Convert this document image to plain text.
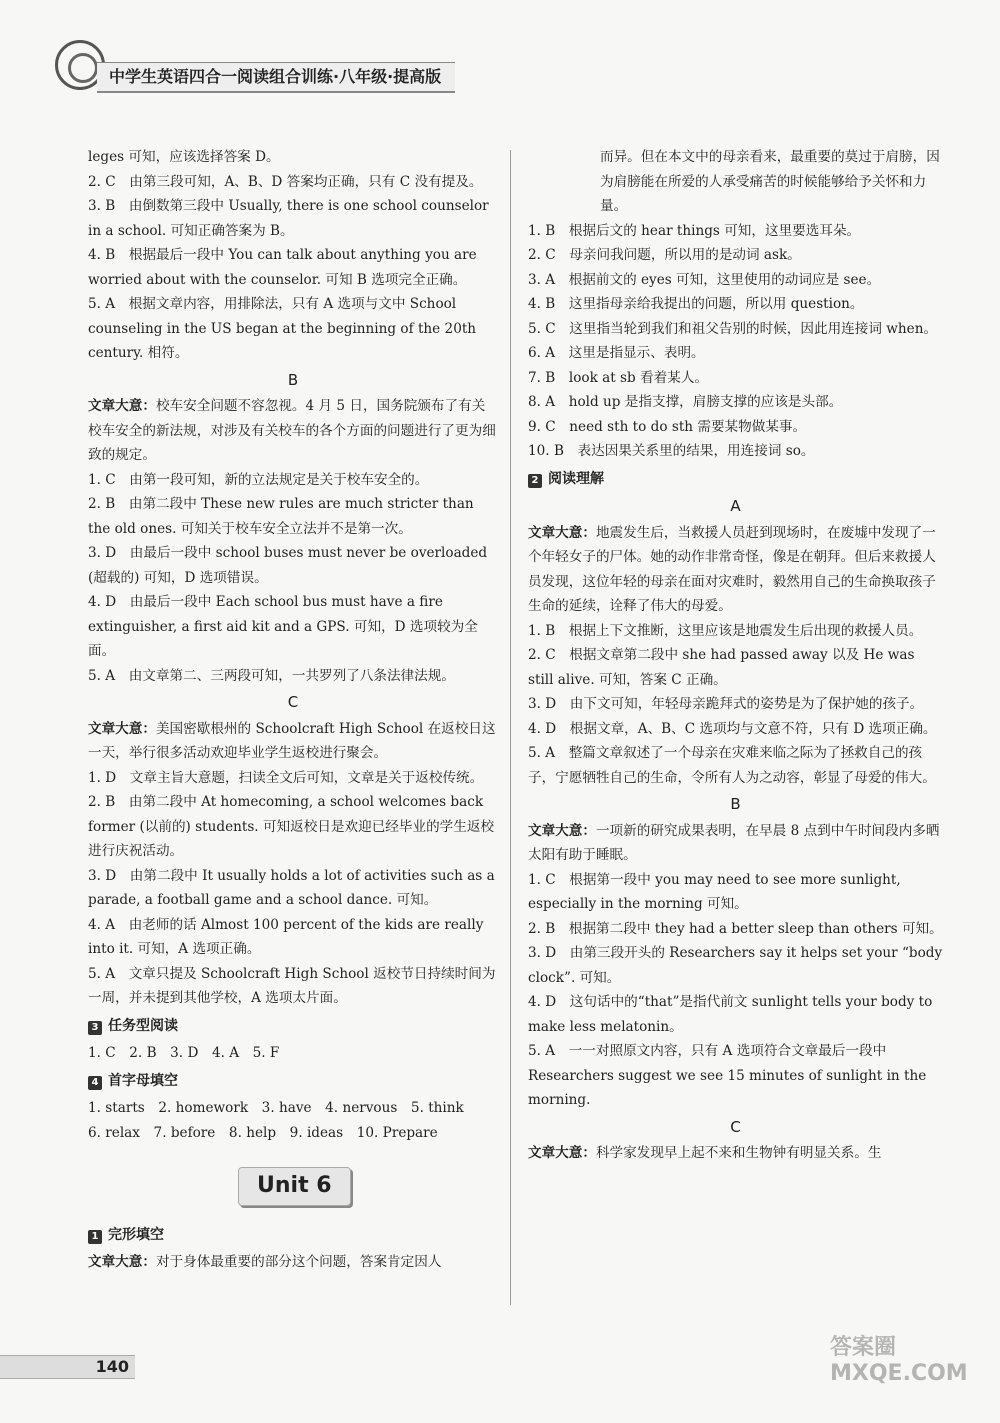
中学生英语四合一阅读组合训练·八年级·提高版

leges 可知，应该选择答案 D。

2. C　由第三段可知，A、B、D 答案均正确，只有 C 没有提及。

3. B　由倒数第三段中 Usually, there is one school counselor in a school. 可知正确答案为 B。

4. B　根据最后一段中 You can talk about anything you are worried about with the counselor. 可知 B 选项完全正确。

5. A　根据文章内容，用排除法，只有 A 选项与文中 School counseling in the US began at the beginning of the 20th century. 相符。

B

文章大意：校车安全问题不容忽视。4 月 5 日，国务院颁布了有关校车安全的新法规，对涉及有关校车的各个方面的问题进行了更为细致的规定。

1. C　由第一段可知，新的立法规定是关于校车安全的。

2. B　由第二段中 These new rules are much stricter than the old ones. 可知关于校车安全立法并不是第一次。

3. D　由最后一段中 school buses must never be overloaded (超载的) 可知，D 选项错误。

4. D　由最后一段中 Each school bus must have a fire extinguisher, a first aid kit and a GPS. 可知，D 选项较为全面。

5. A　由文章第二、三两段可知，一共罗列了八条法律法规。

C

文章大意：美国密歇根州的 Schoolcraft High School 在返校日这一天，举行很多活动欢迎毕业学生返校进行聚会。

1. D　文章主旨大意题，扫读全文后可知，文章是关于返校传统。

2. B　由第二段中 At homecoming, a school welcomes back former (以前的) students. 可知返校日是欢迎已经毕业的学生返校进行庆祝活动。

3. D　由第二段中 It usually holds a lot of activities such as a parade, a football game and a school dance. 可知。

4. A　由老师的话 Almost 100 percent of the kids are really into it. 可知，A 选项正确。

5. A　文章只提及 Schoolcraft High School 返校节日持续时间为一周，并未提到其他学校，A 选项太片面。

3 任务型阅读

1. C　2. B　3. D　4. A　5. F

4 首字母填空

1. starts　2. homework　3. have　4. nervous　5. think

6. relax　7. before　8. help　9. ideas　10. Prepare

Unit 6
1 完形填空

文章大意：对于身体最重要的部分这个问题，答案肯定因人

而异。但在本文中的母亲看来，最重要的莫过于肩膀，因为肩膀能在所爱的人承受痛苦的时候能够给予关怀和力量。

1. B　根据后文的 hear things 可知，这里要选耳朵。

2. C　母亲问我问题，所以用的是动词 ask。

3. A　根据前文的 eyes 可知，这里使用的动词应是 see。

4. B　这里指母亲给我提出的问题，所以用 question。

5. C　这里指当轮到我们和祖父告别的时候，因此用连接词 when。

6. A　这里是指显示、表明。

7. B　look at sb 看着某人。

8. A　hold up 是指支撑，肩膀支撑的应该是头部。

9. C　need sth to do sth 需要某物做某事。

10. B　表达因果关系里的结果，用连接词 so。

2 阅读理解
A

文章大意：地震发生后，当救援人员赶到现场时，在废墟中发现了一个年轻女子的尸体。她的动作非常奇怪，像是在朝拜。但后来救援人员发现，这位年轻的母亲在面对灾难时，毅然用自己的生命换取孩子生命的延续，诠释了伟大的母爱。

1. B　根据上下文推断，这里应该是地震发生后出现的救援人员。

2. C　根据文章第二段中 she had passed away 以及 He was still alive. 可知，答案 C 正确。

3. D　由下文可知，年轻母亲跪拜式的姿势是为了保护她的孩子。

4. D　根据文章，A、B、C 选项均与文意不符，只有 D 选项正确。

5. A　整篇文章叙述了一个母亲在灾难来临之际为了拯救自己的孩子，宁愿牺牲自己的生命，令所有人为之动容，彰显了母爱的伟大。

B

文章大意：一项新的研究成果表明，在早晨 8 点到中午时间段内多晒太阳有助于睡眠。

1. C　根据第一段中 you may need to see more sunlight, especially in the morning 可知。

2. B　根据第二段中 they had a better sleep than others 可知。

3. D　由第三段开头的 Researchers say it helps set your “body clock”. 可知。

4. D　这句话中的“that”是指代前文 sunlight tells your body to make less melatonin。

5. A　一一对照原文内容，只有 A 选项符合文章最后一段中 Researchers suggest we see 15 minutes of sunlight in the morning.

C

文章大意：科学家发现早上起不来和生物钟有明显关系。生

140
答案圈 MXQE.COM
